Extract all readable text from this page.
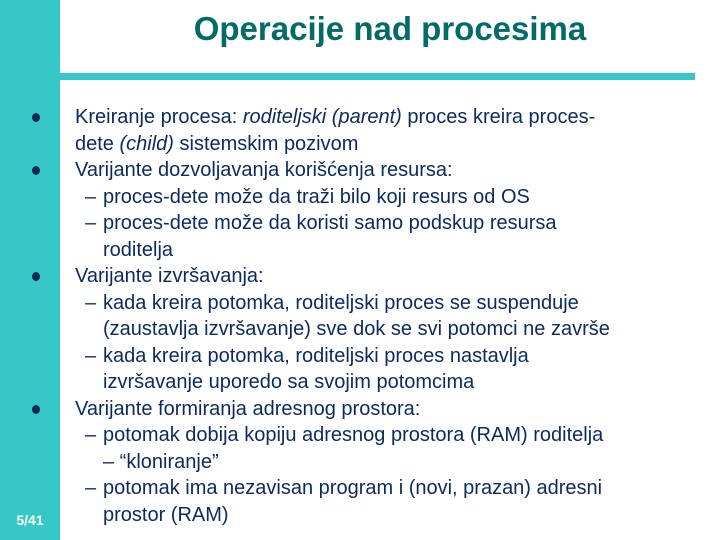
5/41
Operacije nad procesima
Kreiranje procesa: roditeljski (parent) proces kreira proces-
dete (child) sistemskim pozivom
Varijante dozvoljavanja korišćenja resursa:
– proces-dete može da traži bilo koji resurs od OS
– proces-dete može da koristi samo podskup resursa
roditelja
Varijante izvršavanja:
– kada kreira potomka, roditeljski proces se suspenduje
(zaustavlja izvršavanje) sve dok se svi potomci ne završe
– kada kreira potomka, roditeljski proces nastavlja
izvršavanje uporedo sa svojim potomcima
Varijante formiranja adresnog prostora:
– potomak dobija kopiju adresnog prostora (RAM) roditelja
– “kloniranje”
– potomak ima nezavisan program i (novi, prazan) adresni
prostor (RAM)
